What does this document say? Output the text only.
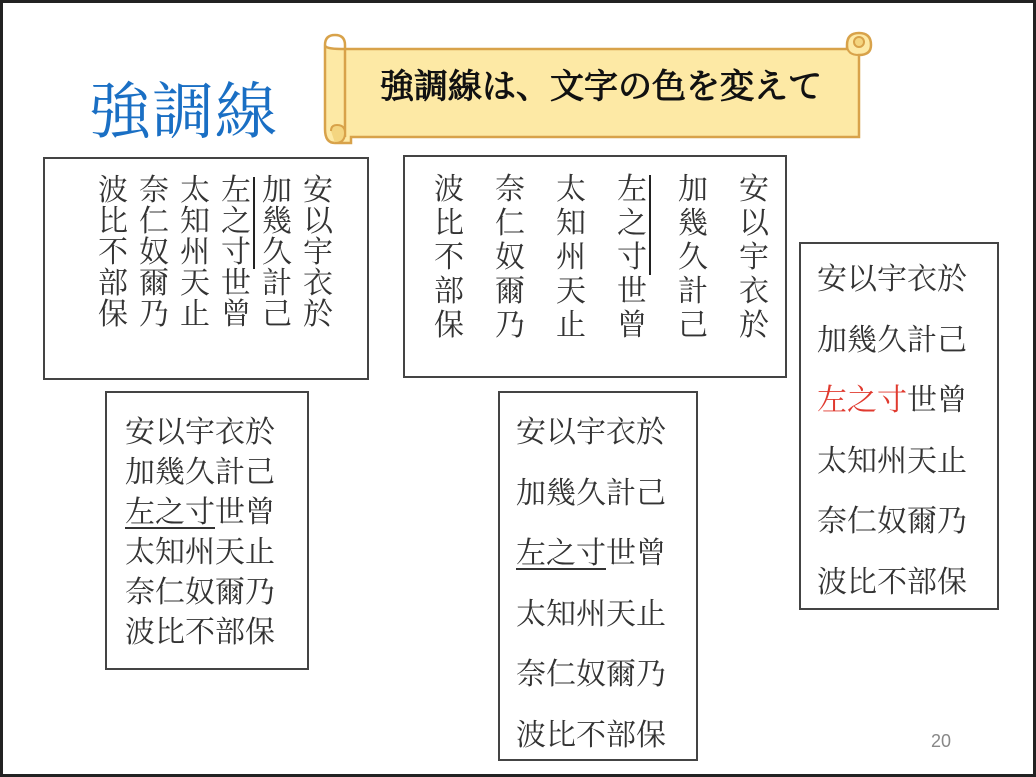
強調線	強調線は、文字の色を変えて
安
以
宇
衣
於
加
幾
久
計
己
左
之
寸
世
曾
太
知
州
天
止
奈
仁
奴
爾
乃
波
比
不
部
保
安
以
宇
衣
於
加
幾
久
計
己
左
之
寸
世
曾
太
知
州
天
止
奈
仁
奴
爾
乃
波
比
不
部
保
安以宇衣於
加幾久計己
左之寸世曾
太知州天止
奈仁奴爾乃
波比不部保
安以宇衣於
加幾久計己
左之寸世曾
太知州天止
奈仁奴爾乃
波比不部保
安以宇衣於
加幾久計己
左之寸世曾
太知州天止
奈仁奴爾乃
波比不部保
20
